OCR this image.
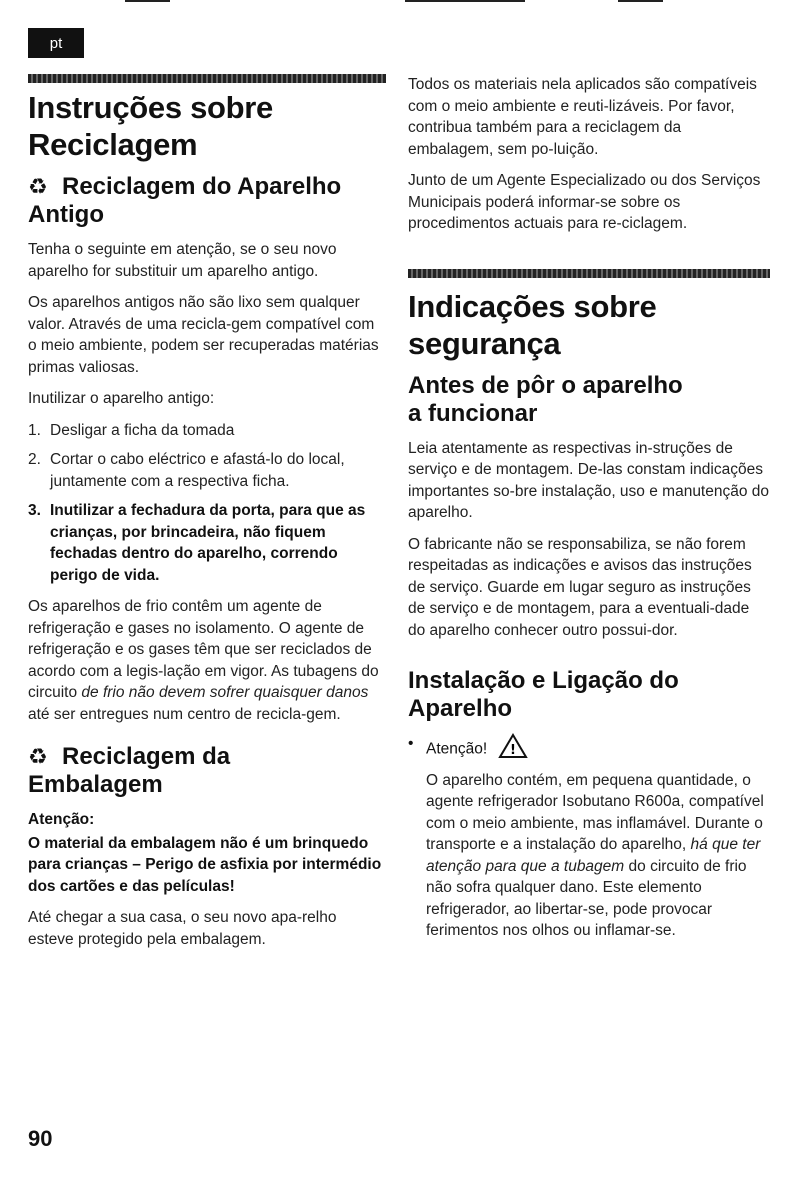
pt
Instruções sobre
Reciclagem
♻ Reciclagem do Aparelho
Antigo

Tenha o seguinte em atenção, se o seu novo aparelho for substituir um aparelho antigo.

Os aparelhos antigos não são lixo sem qualquer valor. Através de uma recicla-gem compatível com o meio ambiente, podem ser recuperadas matérias primas valiosas.

Inutilizar o aparelho antigo:

1. Desligar a ficha da tomada
2. Cortar o cabo eléctrico e afastá-lo do local, juntamente com a respectiva ficha.
3. Inutilizar a fechadura da porta, para que as crianças, por brincadeira, não fiquem fechadas dentro do aparelho, correndo perigo de vida.

Os aparelhos de frio contêm um agente de refrigeração e gases no isolamento. O agente de refrigeração e os gases têm que ser reciclados de acordo com a legis-lação em vigor. As tubagens do circuito de frio não devem sofrer quaisquer danos até ser entregues num centro de recicla-gem.

♻ Reciclagem da
Embalagem

Atenção:

O material da embalagem não é um brinquedo para crianças – Perigo de asfixia por intermédio dos cartões e das películas!

Até chegar a sua casa, o seu novo apa-relho esteve protegido pela embalagem.

Todos os materiais nela aplicados são compatíveis com o meio ambiente e reuti-lizáveis. Por favor, contribua também para a reciclagem da embalagem, sem po-luição.

Junto de um Agente Especializado ou dos Serviços Municipais poderá informar-se sobre os procedimentos actuais para re-ciclagem.

Indicações sobre
segurança
Antes de pôr o aparelho
a funcionar

Leia atentamente as respectivas in-struções de serviço e de montagem. De-las constam indicações importantes so-bre instalação, uso e manutenção do aparelho.

O fabricante não se responsabiliza, se não forem respeitadas as indicações e avisos das instruções de serviço. Guarde em lugar seguro as instruções de serviço e de montagem, para a eventuali-dade do aparelho conhecer outro possui-dor.

Instalação e Ligação do
Aparelho
• Atenção! !

O aparelho contém, em pequena quantidade, o agente refrigerador Isobutano R600a, compatível com o meio ambiente, mas inflamável. Durante o transporte e a instalação do aparelho, há que ter atenção para que a tubagem do circuito de frio não sofra qualquer dano. Este elemento refrigerador, ao libertar-se, pode provocar ferimentos nos olhos ou inflamar-se.

90
